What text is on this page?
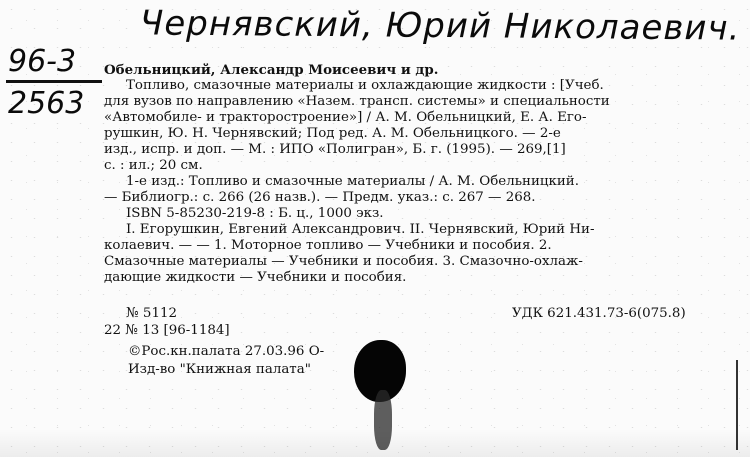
Чернявский, Юрий Николаевич.
96-3
2563
Обельницкий, Александр Моисеевич и др.
Топливо, смазочные материалы и охлаждающие жидкости : [Учеб.
для вузов по направлению «Назем. трансп. системы» и специальности
«Автомобиле- и тракторостроение»] / А. М. Обельницкий, Е. А. Его-
рушкин, Ю. Н. Чернявский; Под ред. А. М. Обельницкого. — 2-е
изд., испр. и доп. — М. : ИПО «Полигран», Б. г. (1995). — 269,[1]
с. : ил.; 20 см.
1-е изд.: Топливо и смазочные материалы / А. М. Обельницкий.
— Библиогр.: с. 266 (26 назв.). — Предм. указ.: с. 267 — 268.
ISBN 5-85230-219-8 : Б. ц., 1000 экз.
I. Егорушкин, Евгений Александрович. II. Чернявский, Юрий Ни-
колаевич. — — 1. Моторное топливо — Учебники и пособия. 2.
Смазочные материалы — Учебники и пособия. 3. Смазочно-охлаж-
дающие жидкости — Учебники и пособия.
№ 5112	УДК 621.431.73-6(075.8)
22 № 13 [96-1184]
©Рос.кн.палата 27.03.96 О-
Изд-во "Книжная палата"
